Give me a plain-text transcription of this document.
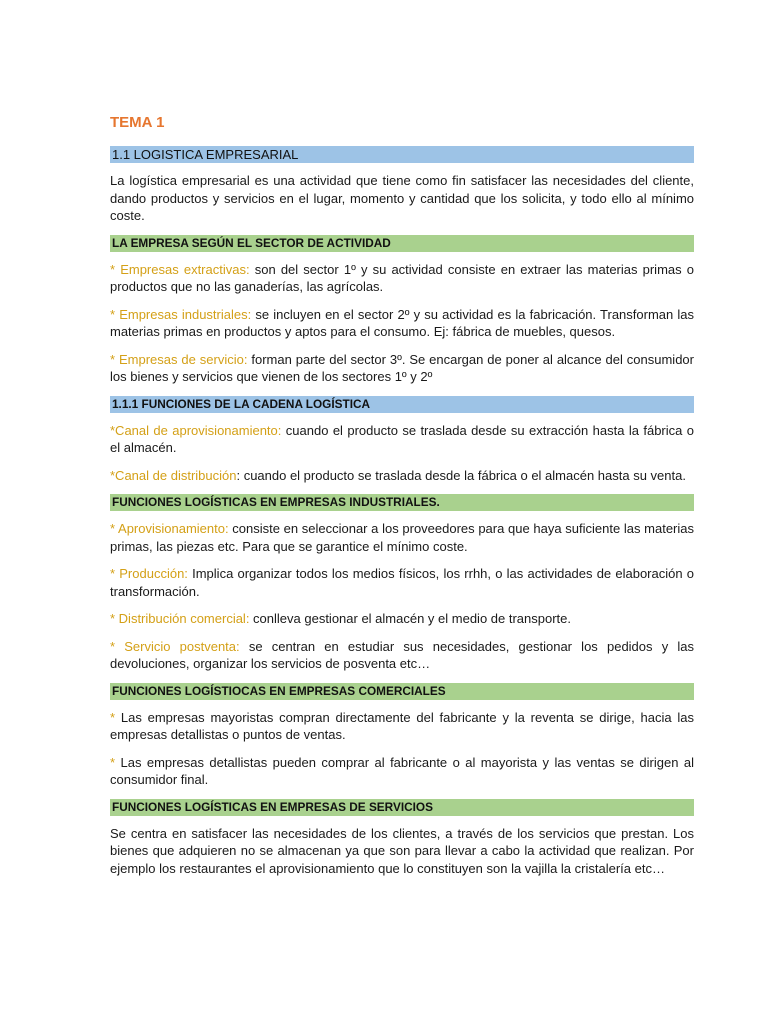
TEMA 1
1.1 LOGISTICA EMPRESARIAL

La logística empresarial es una actividad que tiene como fin satisfacer las necesidades del cliente, dando productos y servicios en el lugar, momento y cantidad que los solicita, y todo ello al mínimo coste.

LA EMPRESA SEGÚN EL SECTOR DE ACTIVIDAD

* Empresas extractivas: son del sector 1º y su actividad consiste en extraer las materias primas o productos que no las ganaderías, las agrícolas.

* Empresas industriales: se incluyen en el sector 2º y su actividad es la fabricación. Transforman las materias primas en productos y aptos para el consumo. Ej: fábrica de muebles, quesos.

* Empresas de servicio: forman parte del sector 3º. Se encargan de poner al alcance del consumidor los bienes y servicios que vienen de los sectores 1º y 2º

1.1.1 FUNCIONES DE LA CADENA LOGÍSTICA

*Canal de aprovisionamiento: cuando el producto se traslada desde su extracción hasta la fábrica o el almacén.

*Canal de distribución: cuando el producto se traslada desde la fábrica o el almacén hasta su venta.

FUNCIONES LOGÍSTICAS EN EMPRESAS INDUSTRIALES.

* Aprovisionamiento: consiste en seleccionar a los proveedores para que haya suficiente las materias primas, las piezas etc. Para que se garantice el mínimo coste.

* Producción: Implica organizar todos los medios físicos, los rrhh, o las actividades de elaboración o transformación.

* Distribución comercial: conlleva gestionar el almacén y el medio de transporte.

* Servicio postventa: se centran en estudiar sus necesidades, gestionar los pedidos y las devoluciones, organizar los servicios de posventa etc…

FUNCIONES LOGÍSTIOCAS EN EMPRESAS COMERCIALES

* Las empresas mayoristas compran directamente del fabricante y la reventa se dirige, hacia las empresas detallistas o puntos de ventas.

* Las empresas detallistas pueden comprar al fabricante o al mayorista y las ventas se dirigen al consumidor final.

FUNCIONES LOGÍSTICAS EN EMPRESAS DE SERVICIOS

Se centra en satisfacer las necesidades de los clientes, a través de los servicios que prestan. Los bienes que adquieren no se almacenan ya que son para llevar a cabo la actividad que realizan. Por ejemplo los restaurantes el aprovisionamiento que lo constituyen son la vajilla la cristalería etc…
